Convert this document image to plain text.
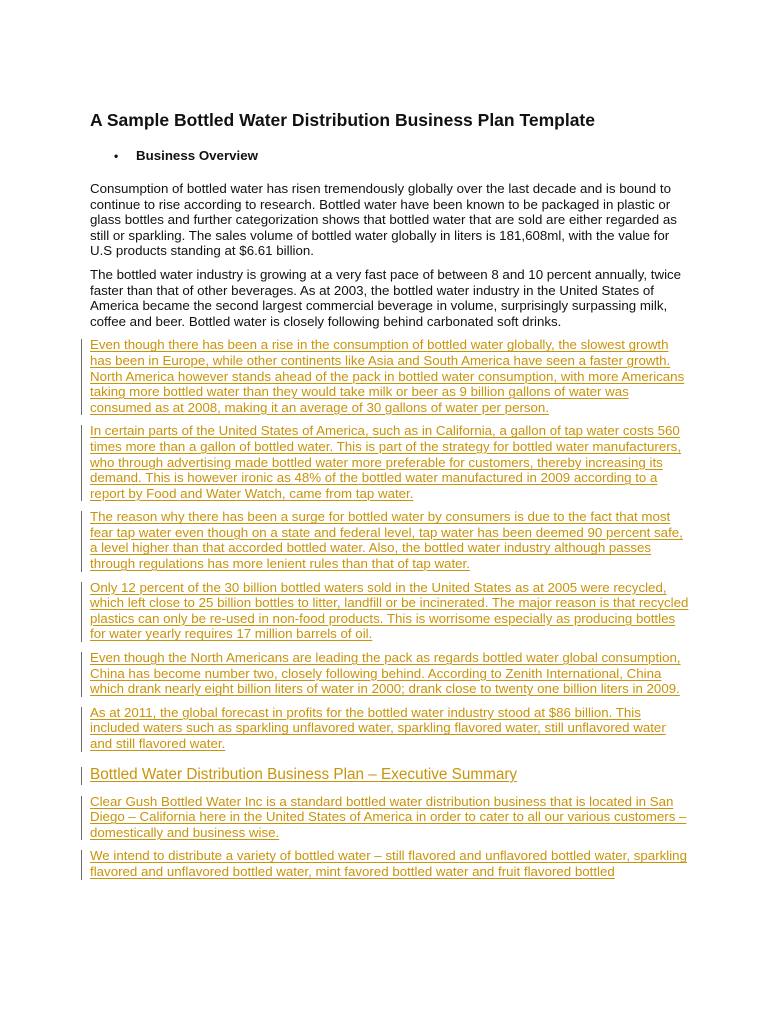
A Sample Bottled Water Distribution Business Plan Template
•	Business Overview

Consumption of bottled water has risen tremendously globally over the last decade and is bound to continue to rise according to research. Bottled water have been known to be packaged in plastic or glass bottles and further categorization shows that bottled water that are sold are either regarded as still or sparkling. The sales volume of bottled water globally in liters is 181,608ml, with the value for U.S products standing at $6.61 billion.

The bottled water industry is growing at a very fast pace of between 8 and 10 percent annually, twice faster than that of other beverages. As at 2003, the bottled water industry in the United States of America became the second largest commercial beverage in volume, surprisingly surpassing milk, coffee and beer. Bottled water is closely following behind carbonated soft drinks.

Even though there has been a rise in the consumption of bottled water globally, the slowest growth has been in Europe, while other continents like Asia and South America have seen a faster growth. North America however stands ahead of the pack in bottled water consumption, with more Americans taking more bottled water than they would take milk or beer as 9 billion gallons of water was consumed as at 2008, making it an average of 30 gallons of water per person.

In certain parts of the United States of America, such as in California, a gallon of tap water costs 560 times more than a gallon of bottled water. This is part of the strategy for bottled water manufacturers, who through advertising made bottled water more preferable for customers, thereby increasing its demand. This is however ironic as 48% of the bottled water manufactured in 2009 according to a report by Food and Water Watch, came from tap water.

The reason why there has been a surge for bottled water by consumers is due to the fact that most fear tap water even though on a state and federal level, tap water has been deemed 90 percent safe, a level higher than that accorded bottled water. Also, the bottled water industry although passes through regulations has more lenient rules than that of tap water.

Only 12 percent of the 30 billion bottled waters sold in the United States as at 2005 were recycled, which left close to 25 billion bottles to litter, landfill or be incinerated. The major reason is that recycled plastics can only be re-used in non-food products. This is worrisome especially as producing bottles for water yearly requires 17 million barrels of oil.

Even though the North Americans are leading the pack as regards bottled water global consumption, China has become number two, closely following behind. According to Zenith International, China which drank nearly eight billion liters of water in 2000; drank close to twenty one billion liters in 2009.

As at 2011, the global forecast in profits for the bottled water industry stood at $86 billion. This included waters such as sparkling unflavored water, sparkling flavored water, still unflavored water and still flavored water.

Bottled Water Distribution Business Plan – Executive Summary

Clear Gush Bottled Water Inc is a standard bottled water distribution business that is located in San Diego – California here in the United States of America in order to cater to all our various customers – domestically and business wise.

We intend to distribute a variety of bottled water – still flavored and unflavored bottled water, sparkling flavored and unflavored bottled water, mint favored bottled water and fruit flavored bottled
